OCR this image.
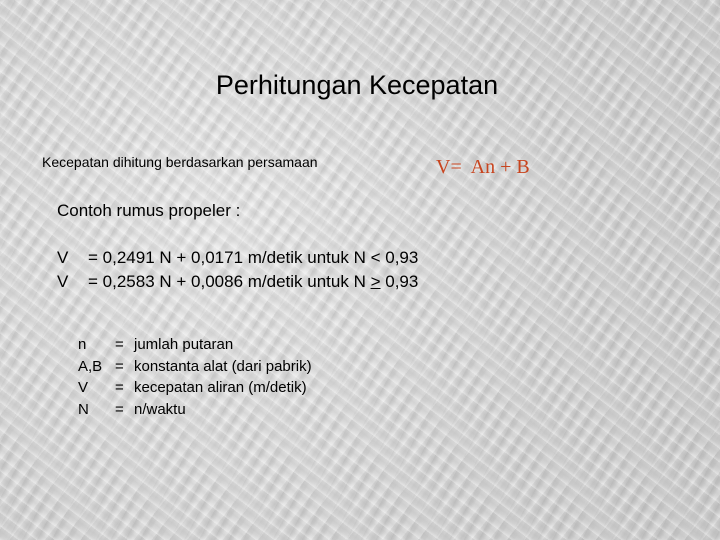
Perhitungan Kecepatan
Kecepatan dihitung berdasarkan persamaan	V=  An + B
Contoh rumus propeler :
V	= 0,2491 N + 0,0171 m/detik untuk N < 0,93
V	= 0,2583 N + 0,0086 m/detik untuk N > 0,93
n	= jumlah putaran
A,B = konstanta alat (dari pabrik)
V	= kecepatan aliran (m/detik)
N	= n/waktu
